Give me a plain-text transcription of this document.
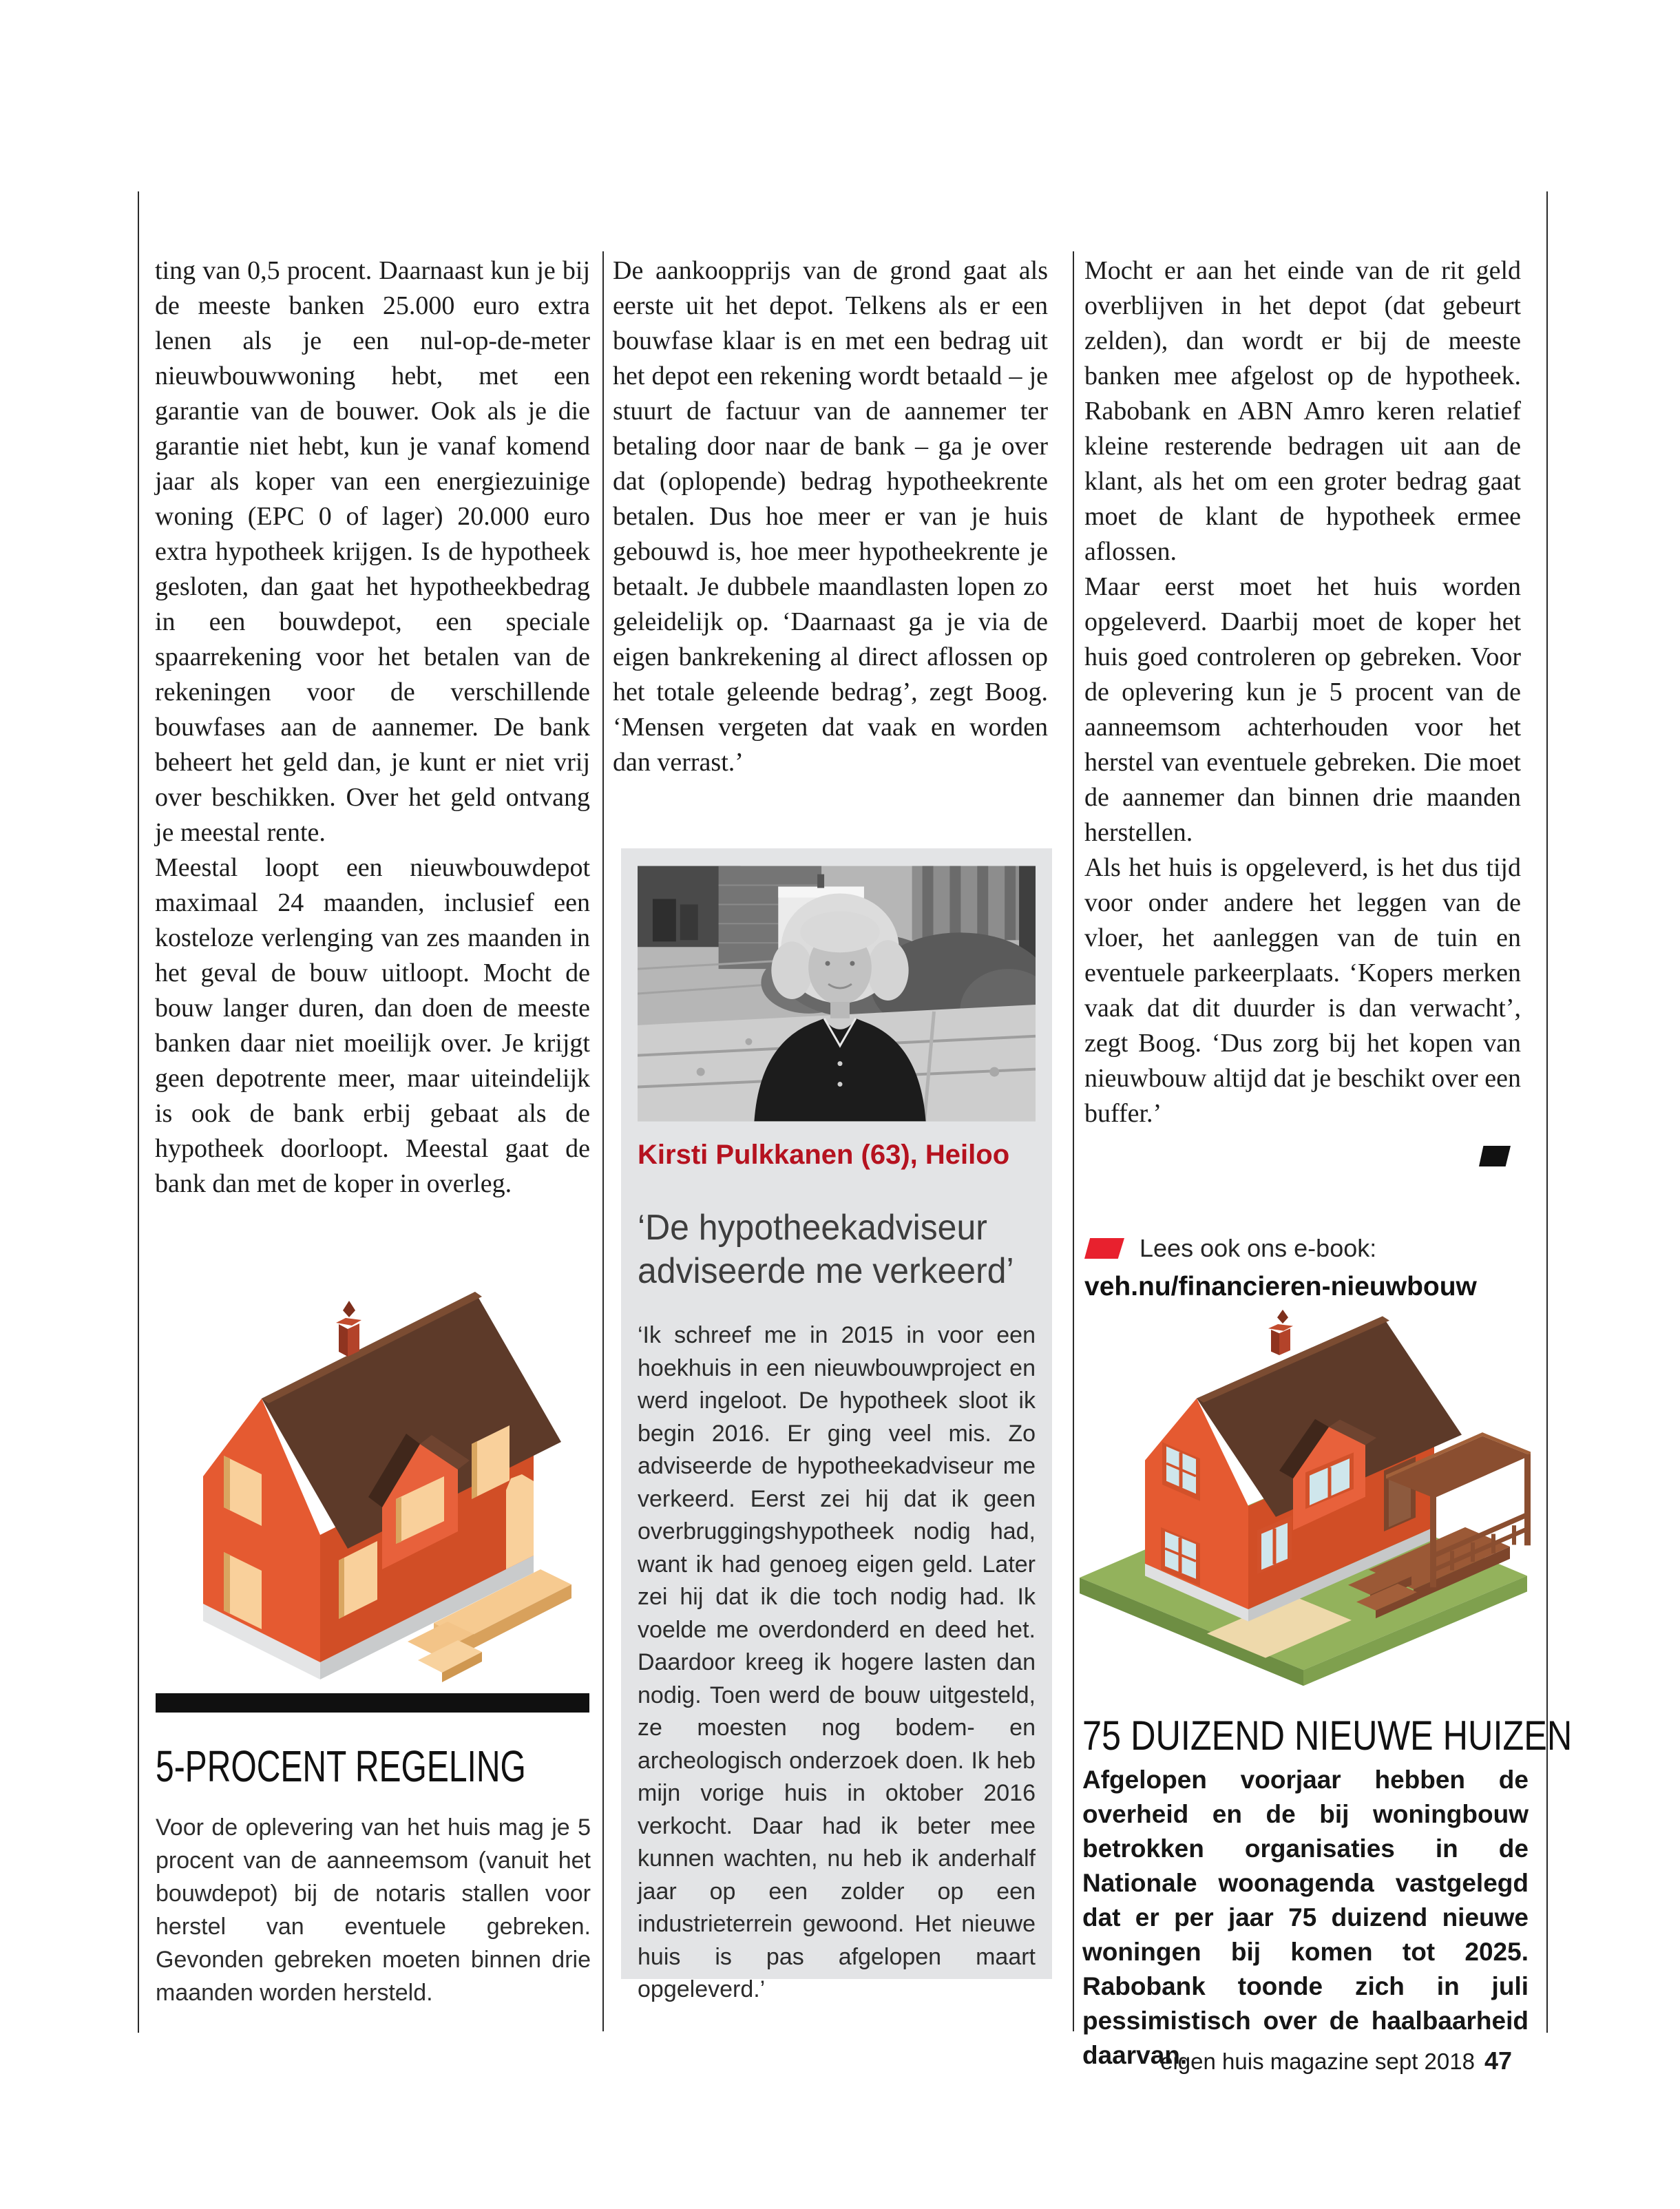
ting van 0,5 procent. Daarnaast kun je bij de meeste banken 25.000 euro extra lenen als je een nul-op-de-meter nieuwbouwwoning hebt, met een garantie van de bouwer. Ook als je die garantie niet hebt, kun je vanaf komend jaar als koper van een energiezuinige woning (EPC 0 of lager) 20.000 euro extra hypotheek krijgen. Is de hypotheek gesloten, dan gaat het hypotheekbedrag in een bouwdepot, een speciale spaarrekening voor het betalen van de rekeningen voor de verschillende bouwfases aan de aannemer. De bank beheert het geld dan, je kunt er niet vrij over beschikken. Over het geld ontvang je meestal rente.

Meestal loopt een nieuwbouwdepot maximaal 24 maanden, inclusief een kosteloze verlenging van zes maanden in het geval de bouw uitloopt. Mocht de bouw langer duren, dan doen de meeste banken daar niet moeilijk over. Je krijgt geen depotrente meer, maar uiteindelijk is ook de bank erbij gebaat als de hypotheek doorloopt. Meestal gaat de bank dan met de koper in overleg.

5-PROCENT REGELING
Voor de oplevering van het huis mag je 5 procent van de aanneemsom (vanuit het bouwdepot) bij de notaris stallen voor herstel van eventuele gebreken. Gevonden gebreken moeten binnen drie maanden worden hersteld.

De aankoopprijs van de grond gaat als eerste uit het depot. Telkens als er een bouwfase klaar is en met een bedrag uit het depot een rekening wordt betaald – je stuurt de factuur van de aannemer ter betaling door naar de bank – ga je over dat (oplopende) bedrag hypotheekrente betalen. Dus hoe meer er van je huis gebouwd is, hoe meer hypotheekrente je betaalt. Je dubbele maandlasten lopen zo geleidelijk op. ‘Daarnaast ga je via de eigen bankrekening al direct aflossen op het totale geleende bedrag’, zegt Boog. ‘Mensen vergeten dat vaak en worden dan verrast.’

Kirsti Pulkkanen (63), Heiloo
‘De hypotheekadviseur
adviseerde me verkeerd’
‘Ik schreef me in 2015 in voor een hoekhuis in een nieuwbouwproject en werd ingeloot. De hypotheek sloot ik begin 2016. Er ging veel mis. Zo adviseerde de hypotheekadviseur me verkeerd. Eerst zei hij dat ik geen overbruggingshypotheek nodig had, want ik had genoeg eigen geld. Later zei hij dat ik die toch nodig had. Ik voelde me overdonderd en deed het. Daardoor kreeg ik hogere lasten dan nodig. Toen werd de bouw uitgesteld, ze moesten nog bodem- en archeologisch onderzoek doen. Ik heb mijn vorige huis in oktober 2016 verkocht. Daar had ik beter mee kunnen wachten, nu heb ik anderhalf jaar op een zolder op een industrieterrein gewoond. Het nieuwe huis is pas afgelopen maart opgeleverd.’

Mocht er aan het einde van de rit geld overblijven in het depot (dat gebeurt zelden), dan wordt er bij de meeste banken mee afgelost op de hypotheek. Rabobank en ABN Amro keren relatief kleine resterende bedragen uit aan de klant, als het om een groter bedrag gaat moet de klant de hypotheek ermee aflossen.

Maar eerst moet het huis worden opgeleverd. Daarbij moet de koper het huis goed controleren op gebreken. Voor de oplevering kun je 5 procent van de aanneemsom achterhouden voor het herstel van eventuele gebreken. Die moet de aannemer dan binnen drie maanden herstellen.

Als het huis is opgeleverd, is het dus tijd voor onder andere het leggen van de vloer, het aanleggen van de tuin en eventuele parkeerplaats. ‘Kopers merken vaak dat dit duurder is dan verwacht’, zegt Boog. ‘Dus zorg bij het kopen van nieuwbouw altijd dat je beschikt over een buffer.’

Lees ook ons e-book:
veh.nu/financieren-nieuwbouw
75 DUIZEND NIEUWE HUIZEN
Afgelopen voorjaar hebben de overheid en de bij woningbouw betrokken organisaties in de Nationale woonagenda vastgelegd dat er per jaar 75 duizend nieuwe woningen bij komen tot 2025. Rabobank toonde zich in juli pessimistisch over de haalbaarheid daarvan.
eigen huis magazine sept 2018 47
